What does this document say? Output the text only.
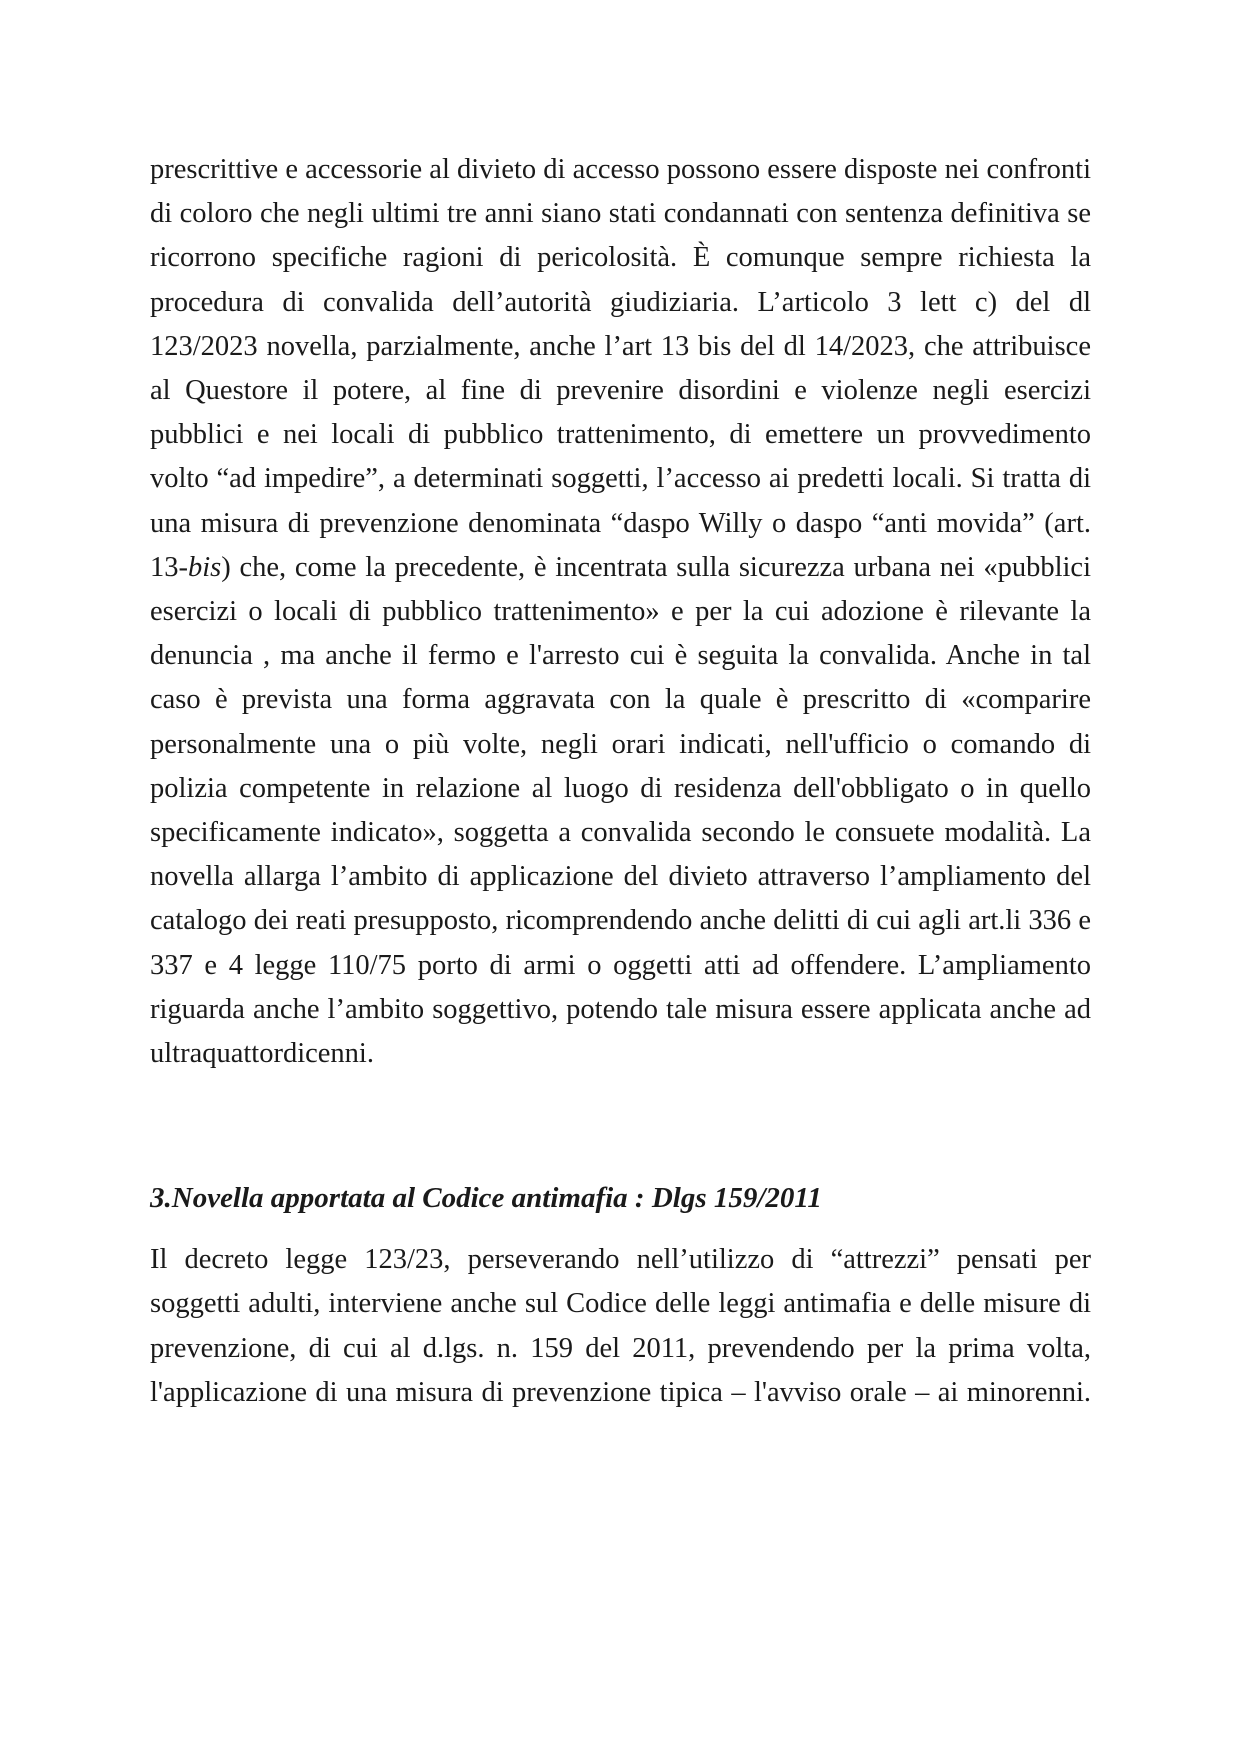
prescrittive e accessorie al divieto di accesso possono essere disposte nei confronti di coloro che negli ultimi tre anni siano stati condannati con sentenza definitiva se ricorrono specifiche ragioni di pericolosità. È comunque sempre richiesta la procedura di convalida dell’autorità giudiziaria. L’articolo 3 lett c) del dl 123/2023 novella, parzialmente, anche l’art 13 bis del dl 14/2023, che attribuisce al Questore il potere, al fine di prevenire disordini e violenze negli esercizi pubblici e nei locali di pubblico trattenimento, di emettere un provvedimento volto “ad impedire”, a determinati soggetti, l’accesso ai predetti locali. Si tratta di una misura di prevenzione denominata “daspo Willy o daspo “anti movida” (art. 13-bis) che, come la precedente, è incentrata sulla sicurezza urbana nei «pubblici esercizi o locali di pubblico trattenimento» e per la cui adozione è rilevante la denuncia , ma anche il fermo e l'arresto cui è seguita la convalida. Anche in tal caso è prevista una forma aggravata con la quale è prescritto di «comparire personalmente una o più volte, negli orari indicati, nell'ufficio o comando di polizia competente in relazione al luogo di residenza dell'obbligato o in quello specificamente indicato», soggetta a convalida secondo le consuete modalità. La novella allarga l’ambito di applicazione del divieto attraverso l’ampliamento del catalogo dei reati presupposto, ricomprendendo anche delitti di cui agli art.li 336 e 337 e 4 legge 110/75 porto di armi o oggetti atti ad offendere. L’ampliamento riguarda anche l’ambito soggettivo, potendo tale misura essere applicata anche ad ultraquattordicenni.

3.Novella apportata al Codice antimafia : Dlgs 159/2011

Il decreto legge 123/23, perseverando nell’utilizzo di “attrezzi” pensati per soggetti adulti, interviene anche sul Codice delle leggi antimafia e delle misure di prevenzione, di cui al d.lgs. n. 159 del 2011, prevendendo per la prima volta, l'applicazione di una misura di prevenzione tipica – l'avviso orale – ai minorenni.
